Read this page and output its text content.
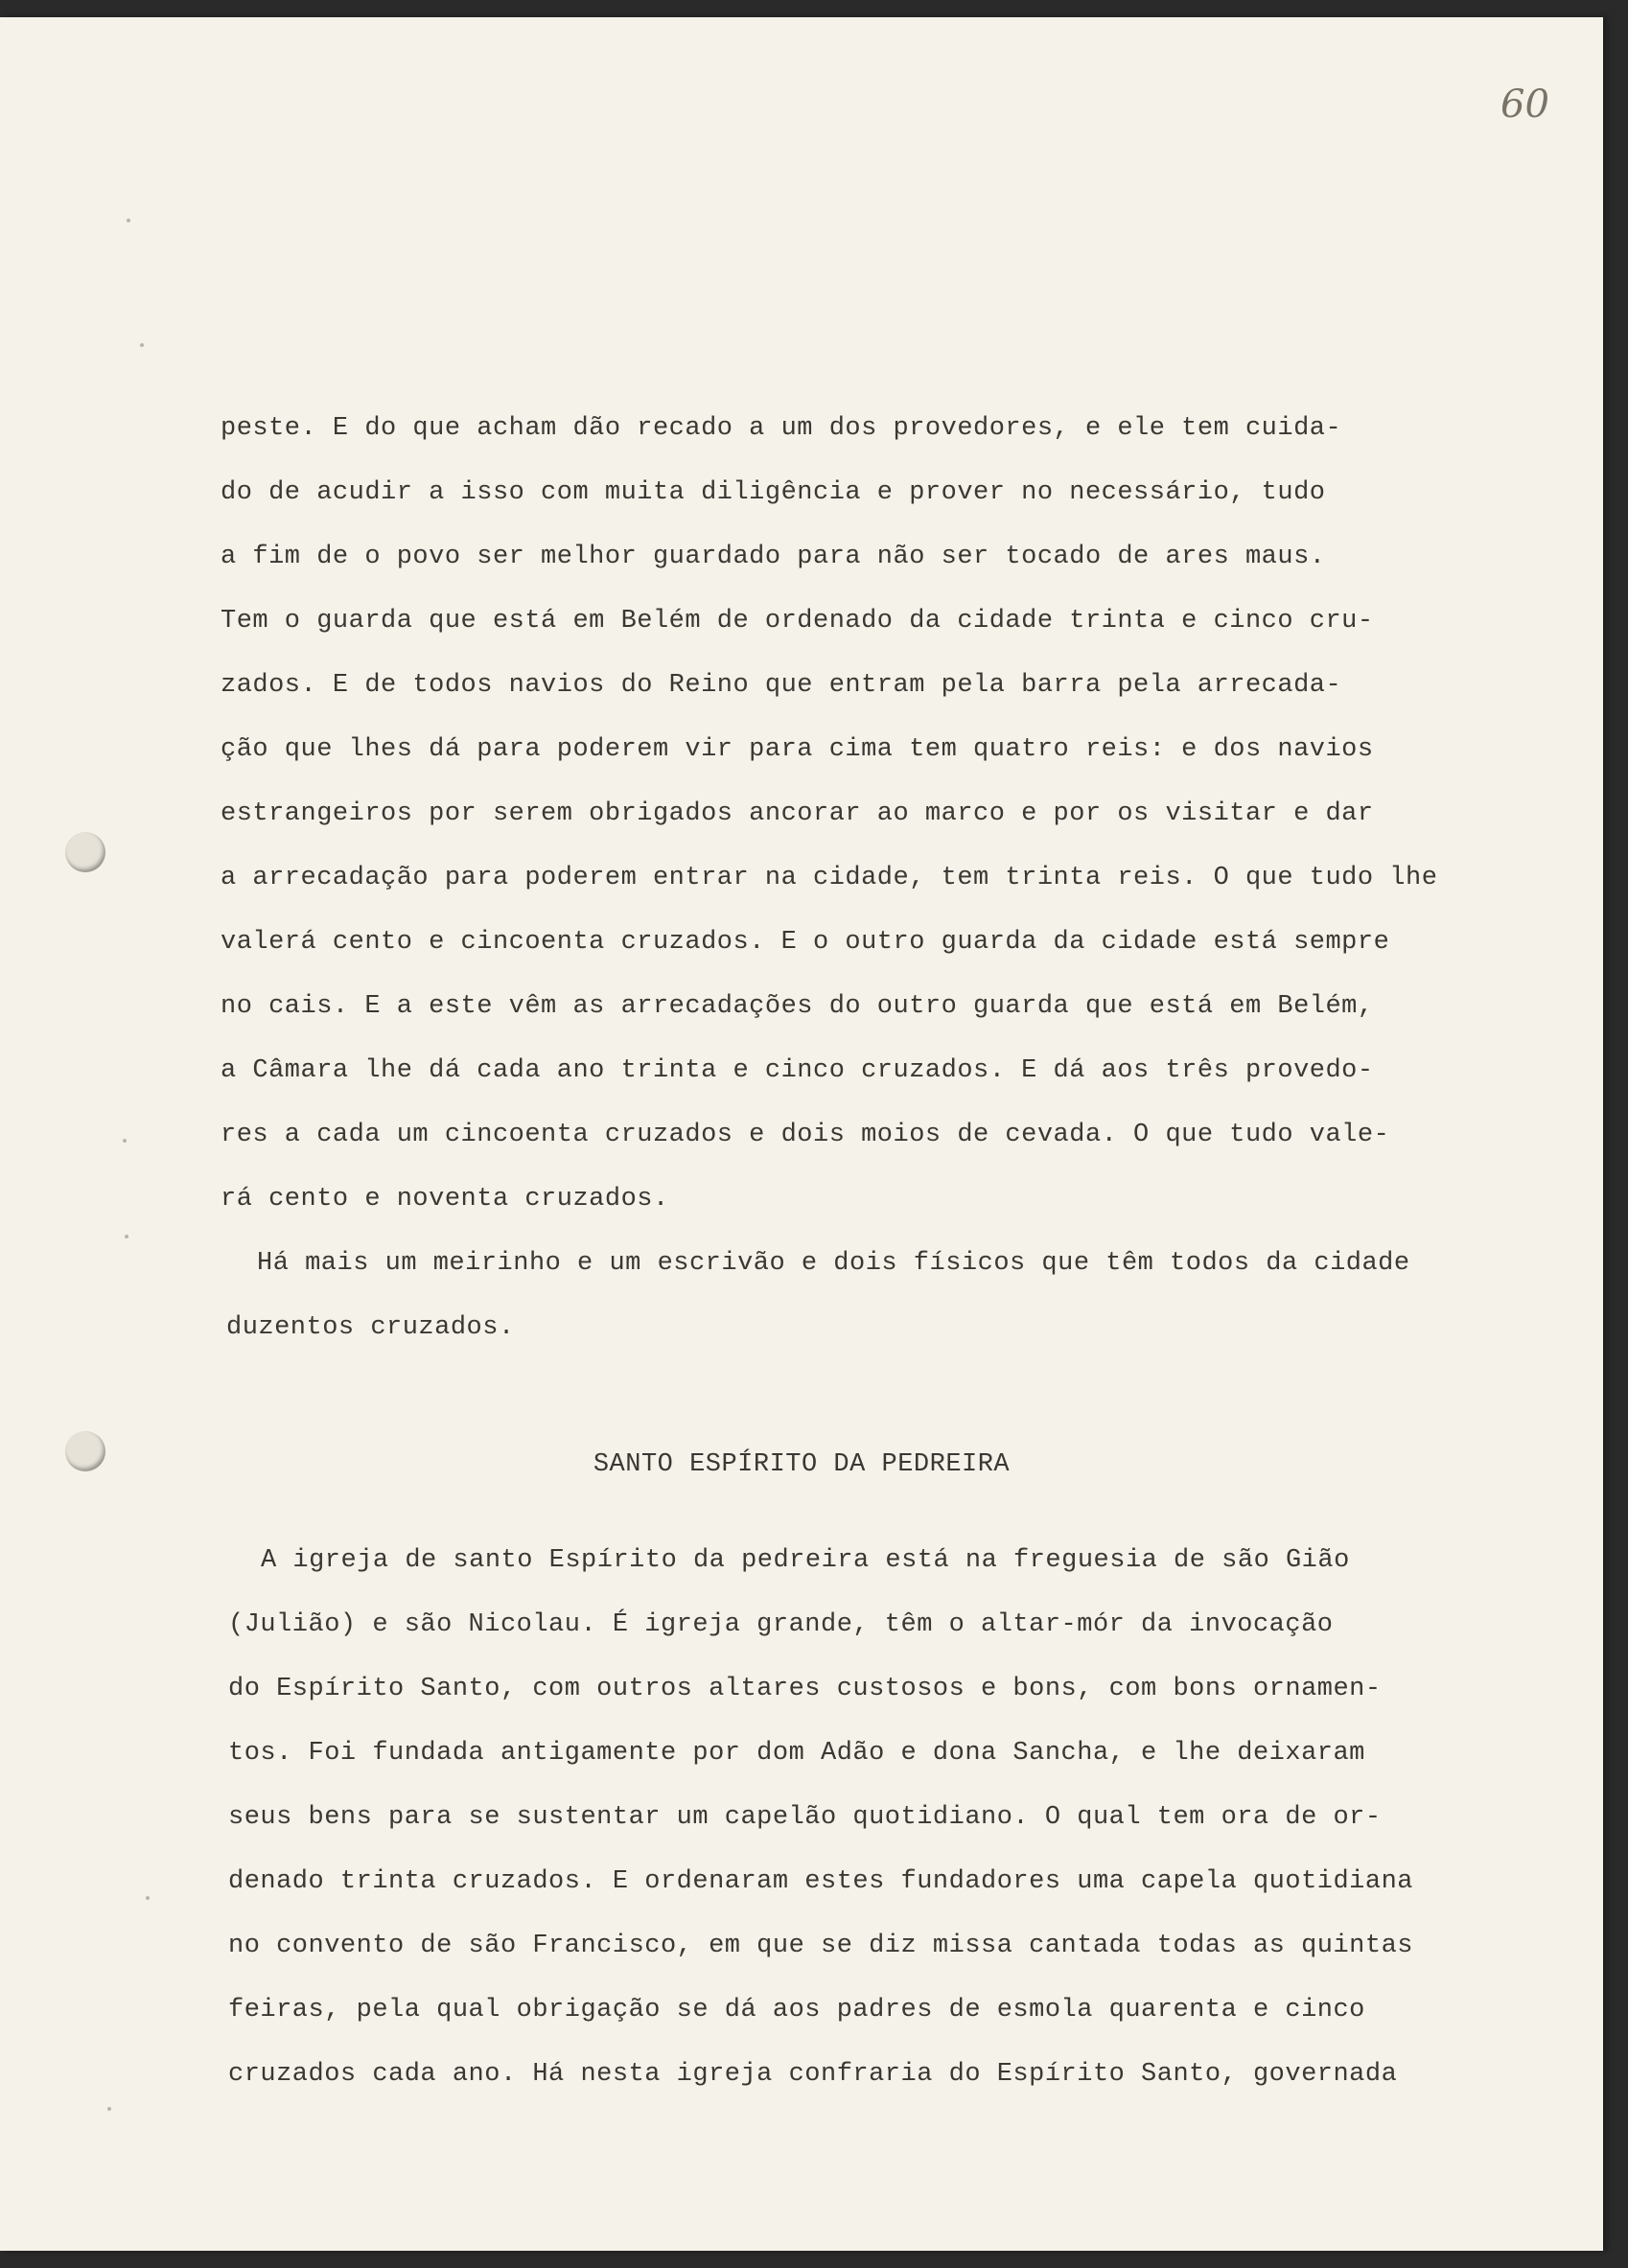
60

peste. E do que acham dão recado a um dos provedores, e ele tem cuida-

do de acudir a isso com muita diligência e prover no necessário, tudo

a fim de o povo ser melhor guardado para não ser tocado de ares maus.

Tem o guarda que está em Belém de ordenado da cidade trinta e cinco cru-

zados. E de todos navios do Reino que entram pela barra pela arrecada-

ção que lhes dá para poderem vir para cima tem quatro reis: e dos navios

estrangeiros por serem obrigados ancorar ao marco e por os visitar e dar

a arrecadação para poderem entrar na cidade, tem trinta reis. O que tudo lhe

valerá cento e cincoenta cruzados. E o outro guarda da cidade está sempre

no cais. E a este vêm as arrecadações do outro guarda que está em Belém,

a Câmara lhe dá cada ano trinta e cinco cruzados. E dá aos três provedo-

res a cada um cincoenta cruzados e dois moios de cevada. O que tudo vale-

rá cento e noventa cruzados.

Há mais um meirinho e um escrivão e dois físicos que têm todos da cidade

duzentos cruzados.

SANTO ESPÍRITO DA PEDREIRA

A igreja de santo Espírito da pedreira está na freguesia de são Gião

(Julião) e são Nicolau. É igreja grande, têm o altar-mór da invocação

do Espírito Santo, com outros altares custosos e bons, com bons ornamen-

tos. Foi fundada antigamente por dom Adão e dona Sancha, e lhe deixaram

seus bens para se sustentar um capelão quotidiano. O qual tem ora de or-

denado trinta cruzados. E ordenaram estes fundadores uma capela quotidiana

no convento de são Francisco, em que se diz missa cantada todas as quintas

feiras, pela qual obrigação se dá aos padres de esmola quarenta e cinco

cruzados cada ano. Há nesta igreja confraria do Espírito Santo, governada
